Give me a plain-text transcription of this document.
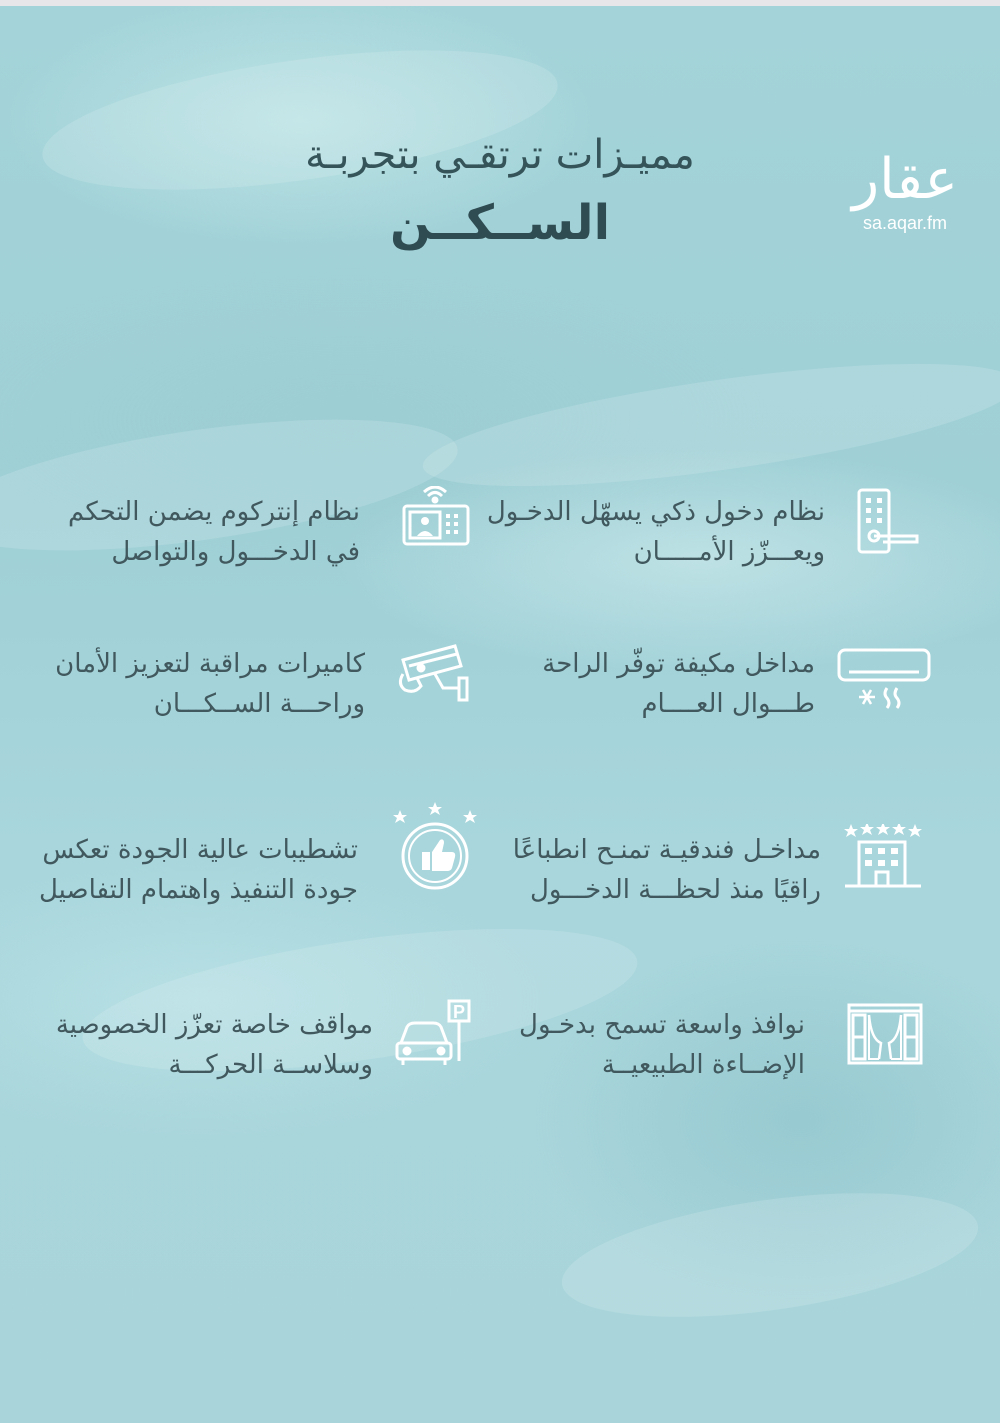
مميـزات ترتقـي بتجربـة
الســكــن
عقار
sa.aqar.fm
نظام دخول ذكي يسهّل الدخـول
ويعـــزّز الأمـــــان
نظام إنتركوم يضمن التحكم
في الدخـــول والتواصل
مداخل مكيفة توفّر الراحة
طـــوال العــــام
كاميرات مراقبة لتعزيز الأمان
وراحـــة الســكـــان
مداخـل فندقيـة تمنـح انطباعًا
راقيًا منذ لحظـــة الدخـــول
تشطيبات عالية الجودة تعكس
جودة التنفيذ واهتمام التفاصيل
نوافذ واسعة تسمح بدخـول
الإضــاءة الطبيعيــة
P
مواقف خاصة تعزّز الخصوصية
وسلاســة الحركـــة
